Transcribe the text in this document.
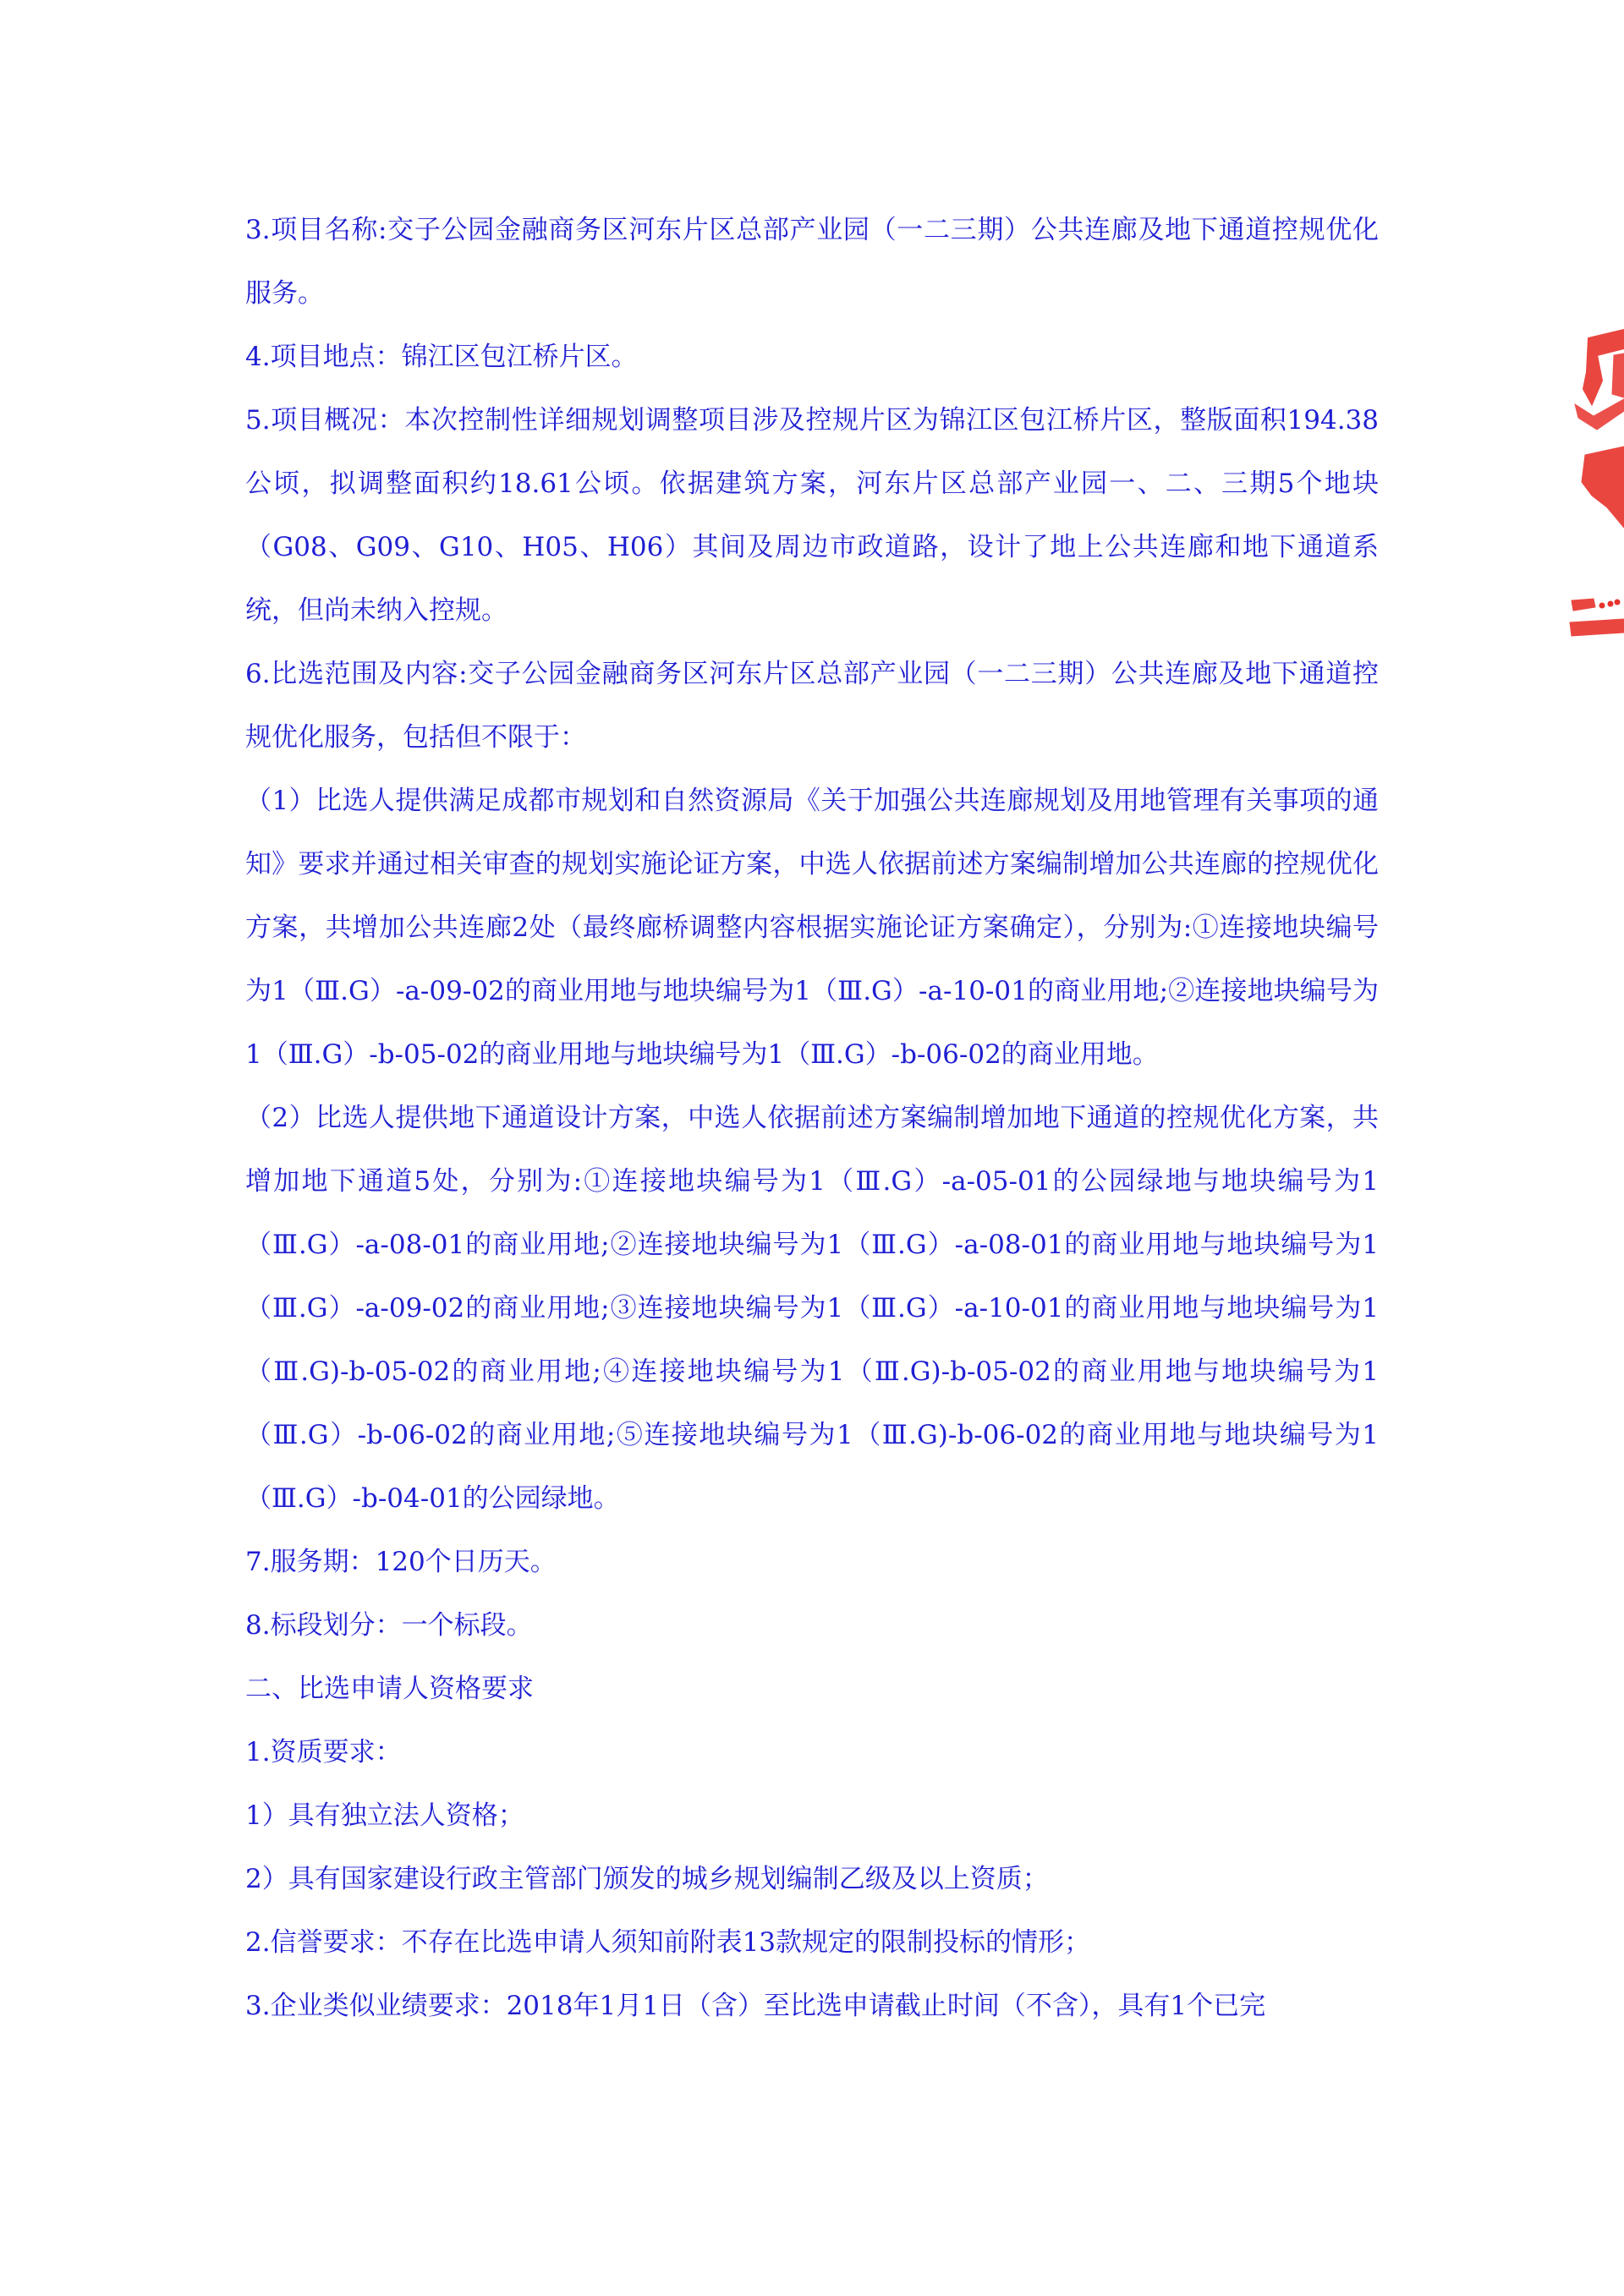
3.项目名称:交子公园金融商务区河东片区总部产业园（一二三期）公共连廊及地下通道控规优化服务。

4.项目地点：锦江区包江桥片区。

5.项目概况：本次控制性详细规划调整项目涉及控规片区为锦江区包江桥片区，整版面积194.38公顷，拟调整面积约18.61公顷。依据建筑方案，河东片区总部产业园一、二、三期5个地块（G08、G09、G10、H05、H06）其间及周边市政道路，设计了地上公共连廊和地下通道系统，但尚未纳入控规。

6.比选范围及内容:交子公园金融商务区河东片区总部产业园（一二三期）公共连廊及地下通道控规优化服务，包括但不限于：

（1）比选人提供满足成都市规划和自然资源局《关于加强公共连廊规划及用地管理有关事项的通知》要求并通过相关审查的规划实施论证方案，中选人依据前述方案编制增加公共连廊的控规优化方案，共增加公共连廊2处（最终廊桥调整内容根据实施论证方案确定），分别为:①连接地块编号为1（Ⅲ.G）-a-09-02的商业用地与地块编号为1（Ⅲ.G）-a-10-01的商业用地;②连接地块编号为1（Ⅲ.G）-b-05-02的商业用地与地块编号为1（Ⅲ.G）-b-06-02的商业用地。

（2）比选人提供地下通道设计方案，中选人依据前述方案编制增加地下通道的控规优化方案，共增加地下通道5处，分别为:①连接地块编号为1（Ⅲ.G）-a-05-01的公园绿地与地块编号为1（Ⅲ.G）-a-08-01的商业用地;②连接地块编号为1（Ⅲ.G）-a-08-01的商业用地与地块编号为1（Ⅲ.G）-a-09-02的商业用地;③连接地块编号为1（Ⅲ.G）-a-10-01的商业用地与地块编号为1（Ⅲ.G)-b-05-02的商业用地;④连接地块编号为1（Ⅲ.G)-b-05-02的商业用地与地块编号为1（Ⅲ.G）-b-06-02的商业用地;⑤连接地块编号为1（Ⅲ.G)-b-06-02的商业用地与地块编号为1（Ⅲ.G）-b-04-01的公园绿地。

7.服务期：120个日历天。

8.标段划分：一个标段。

二、比选申请人资格要求

1.资质要求：

1）具有独立法人资格；

2）具有国家建设行政主管部门颁发的城乡规划编制乙级及以上资质；

2.信誉要求：不存在比选申请人须知前附表13款规定的限制投标的情形；

3.企业类似业绩要求：2018年1月1日（含）至比选申请截止时间（不含），具有1个已完
